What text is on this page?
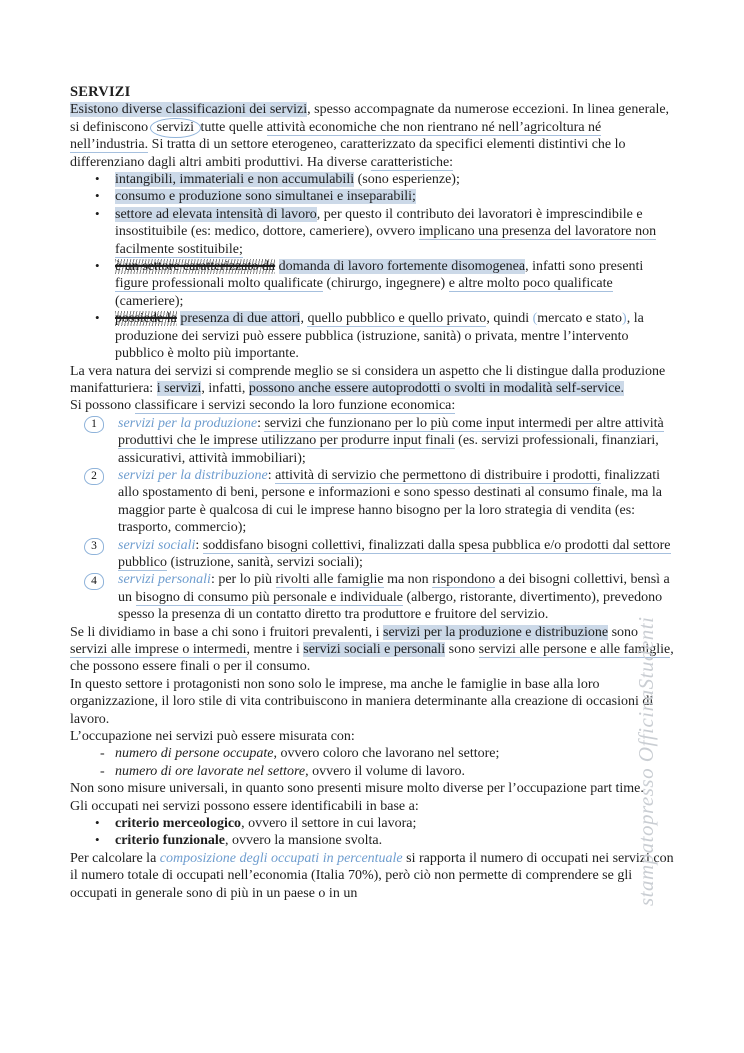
SERVIZI
Esistono diverse classificazioni dei servizi, spesso accompagnate da numerose eccezioni. In linea generale, si definiscono servizi tutte quelle attività economiche che non rientrano né nell’agricoltura né nell’industria. Si tratta di un settore eterogeneo, caratterizzato da specifici elementi distintivi che lo differenziano dagli altri ambiti produttivi. Ha diverse caratteristiche:
• intangibili, immateriali e non accumulabili (sono esperienze);
• consumo e produzione sono simultanei e inseparabili;
• settore ad elevata intensità di lavoro, per questo il contributo dei lavoratori è imprescindibile e insostituibile (es: medico, dottore, cameriere), ovvero implicano una presenza del lavoratore non facilmente sostituibile;
• è un settore caratterizzato da domanda di lavoro fortemente disomogenea, infatti sono presenti figure professionali molto qualificate (chirurgo, ingegnere) e altre molto poco qualificate (cameriere);
• possiede la presenza di due attori, quello pubblico e quello privato, quindi (mercato e stato), la produzione dei servizi può essere pubblica (istruzione, sanità) o privata, mentre l’intervento pubblico è molto più importante.
La vera natura dei servizi si comprende meglio se si considera un aspetto che li distingue dalla produzione manifatturiera: i servizi, infatti, possono anche essere autoprodotti o svolti in modalità self-service.
Si possono classificare i servizi secondo la loro funzione economica:
1	servizi per la produzione: servizi che funzionano per lo più come input intermedi per altre attività produttivi che le imprese utilizzano per produrre input finali (es. servizi professionali, finanziari, assicurativi, attività immobiliari);
2	servizi per la distribuzione: attività di servizio che permettono di distribuire i prodotti, finalizzati allo spostamento di beni, persone e informazioni e sono spesso destinati al consumo finale, ma la maggior parte è qualcosa di cui le imprese hanno bisogno per la loro strategia di vendita (es: trasporto, commercio);
3	servizi sociali: soddisfano bisogni collettivi, finalizzati dalla spesa pubblica e/o prodotti dal settore pubblico (istruzione, sanità, servizi sociali);
4	servizi personali: per lo più rivolti alle famiglie ma non rispondono a dei bisogni collettivi, bensì a un bisogno di consumo più personale e individuale (albergo, ristorante, divertimento), prevedono spesso la presenza di un contatto diretto tra produttore e fruitore del servizio.
Se li dividiamo in base a chi sono i fruitori prevalenti, i servizi per la produzione e distribuzione sono servizi alle imprese o intermedi, mentre i servizi sociali e personali sono servizi alle persone e alle famiglie, che possono essere finali o per il consumo.
In questo settore i protagonisti non sono solo le imprese, ma anche le famiglie in base alla loro organizzazione, il loro stile di vita contribuiscono in maniera determinante alla creazione di occasioni di lavoro.
L’occupazione nei servizi può essere misurata con:
- numero di persone occupate, ovvero coloro che lavorano nel settore;
- numero di ore lavorate nel settore, ovvero il volume di lavoro.
Non sono misure universali, in quanto sono presenti misure molto diverse per l’occupazione part time.
Gli occupati nei servizi possono essere identificabili in base a:
• criterio merceologico, ovvero il settore in cui lavora;
• criterio funzionale, ovvero la mansione svolta.
Per calcolare la composizione degli occupati in percentuale si rapporta il numero di occupati nei servizi con il numero totale di occupati nell’economia (Italia 70%), però ciò non permette di comprendere se gli occupati in generale sono di più in un paese o in un	stampatopresso OfficinaStudenti
